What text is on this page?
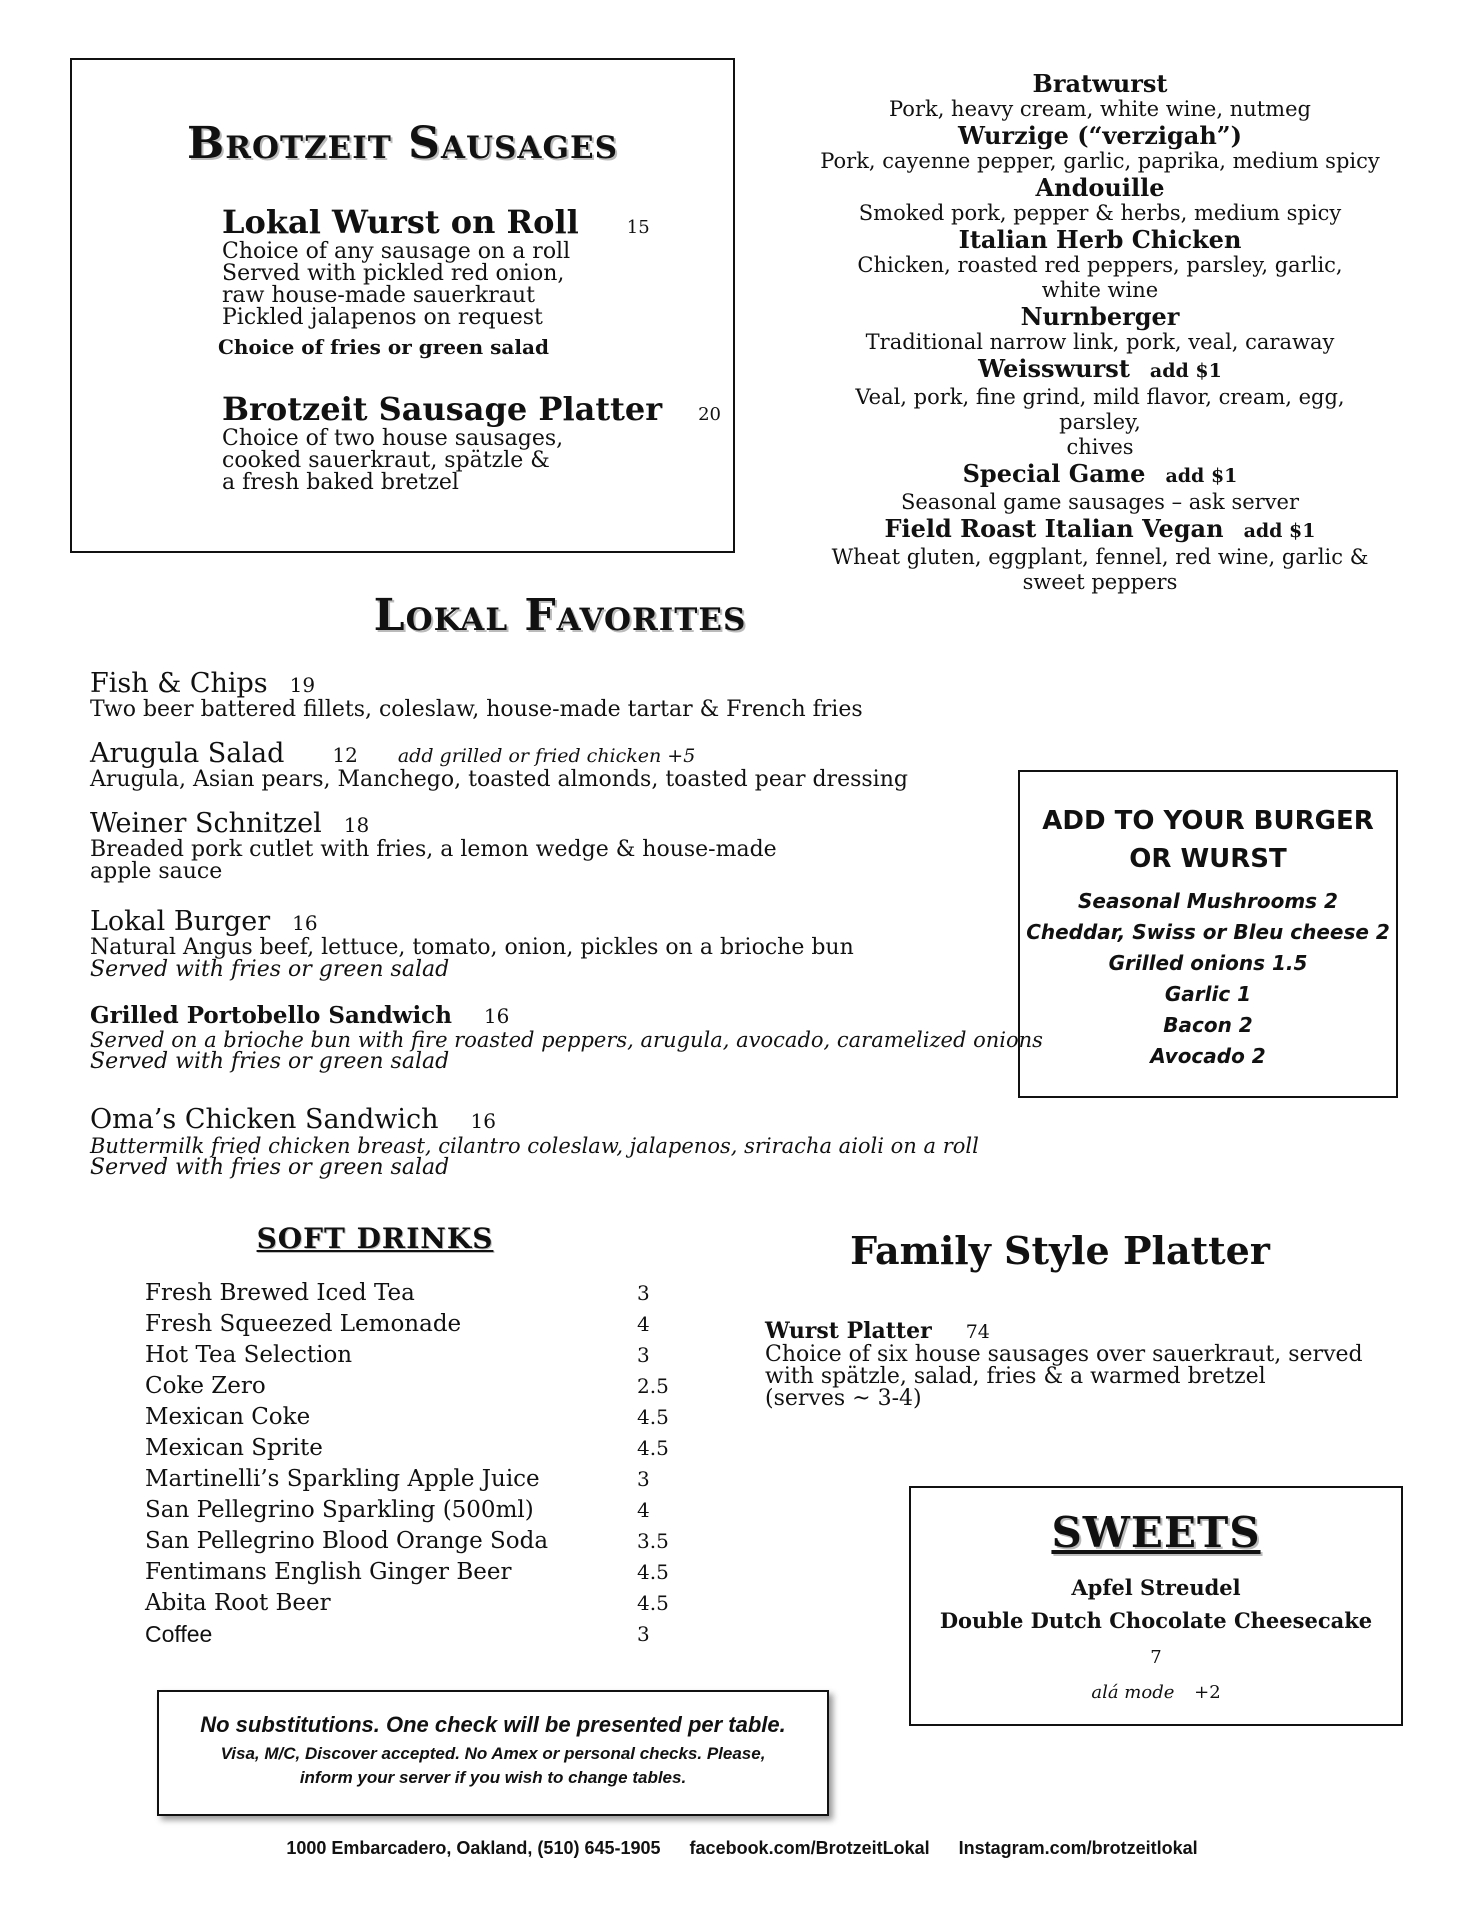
Brotzeit Sausages
Lokal Wurst on Roll	15
Choice of any sausage on a roll
Served with pickled red onion,
raw house-made sauerkraut
Pickled jalapenos on request
Choice of fries or green salad
Brotzeit Sausage Platter 20
Choice of two house sausages,
cooked sauerkraut, spätzle &
a fresh baked bretzel
Bratwurst
Pork, heavy cream, white wine, nutmeg
Wurzige (“verzigah”)
Pork, cayenne pepper, garlic, paprika, medium spicy
Andouille
Smoked pork, pepper & herbs, medium spicy
Italian Herb Chicken
Chicken, roasted red peppers, parsley, garlic,
white wine
Nurnberger
Traditional narrow link, pork, veal, caraway
Weisswurst add $1
Veal, pork, fine grind, mild flavor, cream, egg, parsley,
chives
Special Game add $1
Seasonal game sausages – ask server
Field Roast Italian Vegan add $1
Wheat gluten, eggplant, fennel, red wine, garlic &
sweet peppers
Lokal Favorites
Fish & Chips 19
Two beer battered fillets, coleslaw, house-made tartar & French fries
Arugula Salad 12 add grilled or fried chicken +5
Arugula, Asian pears, Manchego, toasted almonds, toasted pear dressing
Weiner Schnitzel 18
Breaded pork cutlet with fries, a lemon wedge & house-made
apple sauce
Lokal Burger 16
Natural Angus beef, lettuce, tomato, onion, pickles on a brioche bun
Served with fries or green salad
Grilled Portobello Sandwich 16
Served on a brioche bun with fire roasted peppers, arugula, avocado, caramelized onions
Served with fries or green salad
Oma’s Chicken Sandwich 16
Buttermilk fried chicken breast, cilantro coleslaw, jalapenos, sriracha aioli on a roll
Served with fries or green salad
ADD TO YOUR BURGER
OR WURST
Seasonal Mushrooms 2
Cheddar, Swiss or Bleu cheese 2
Grilled onions 1.5
Garlic 1
Bacon 2
Avocado 2
SOFT DRINKS
Fresh Brewed Iced Tea	3
Fresh Squeezed Lemonade	4
Hot Tea Selection	3
Coke Zero	2.5
Mexican Coke	4.5
Mexican Sprite	4.5
Martinelli’s Sparkling Apple Juice	3
San Pellegrino Sparkling (500ml)	4
San Pellegrino Blood Orange Soda	3.5
Fentimans English Ginger Beer	4.5
Abita Root Beer	4.5
Coffee	3
Family Style Platter
Wurst Platter 74
Choice of six house sausages over sauerkraut, served
with spätzle, salad, fries & a warmed bretzel
(serves ~ 3-4)
SWEETS
Apfel Streudel
Double Dutch Chocolate Cheesecake
7
alá mode +2
No substitutions. One check will be presented per table.
Visa, M/C, Discover accepted. No Amex or personal checks. Please,
inform your server if you wish to change tables.
1000 Embarcadero, Oakland, (510) 645-1905 facebook.com/BrotzeitLokal Instagram.com/brotzeitlokal
